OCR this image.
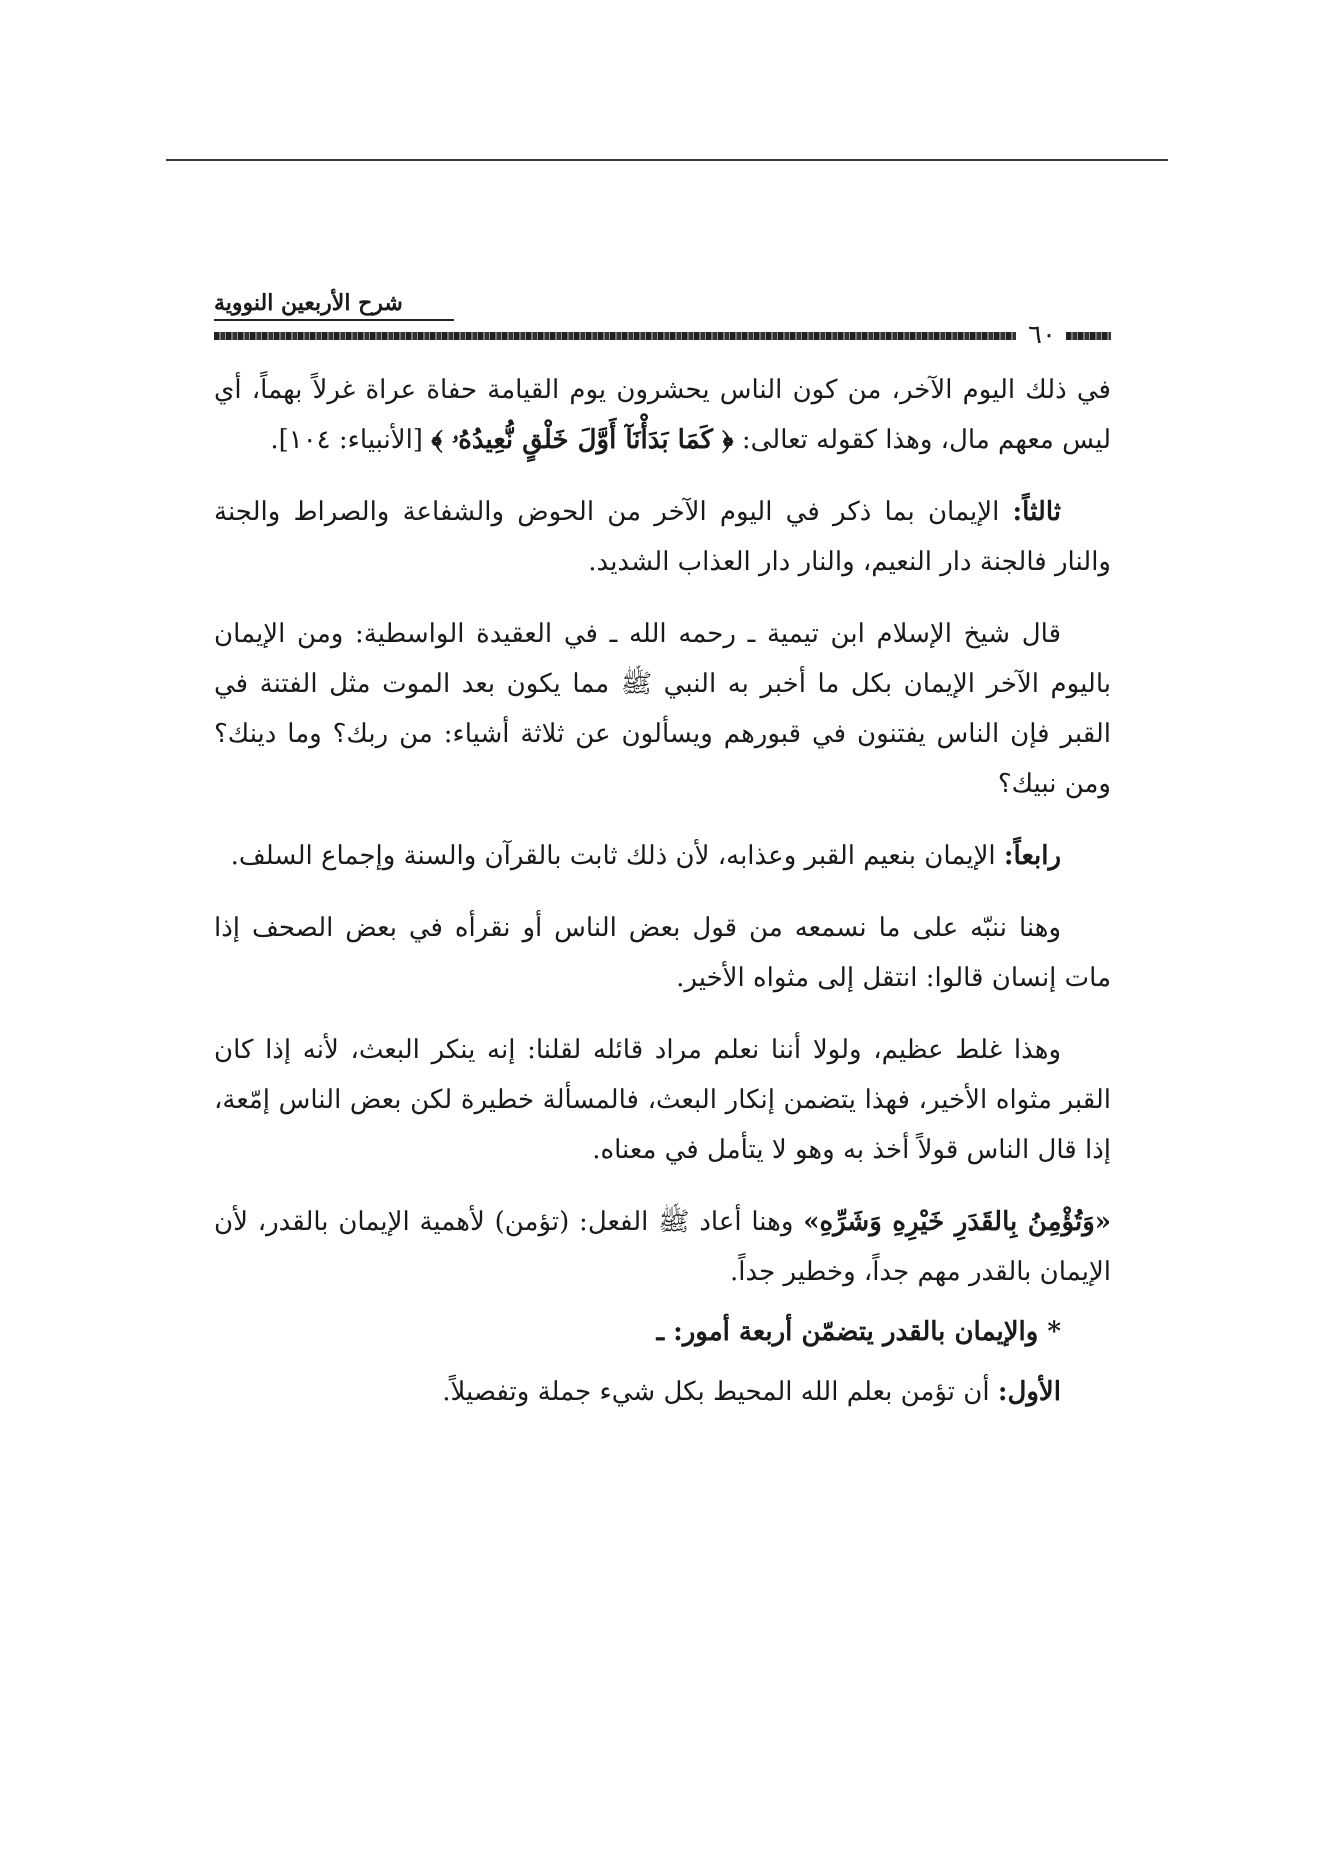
شرح الأربعين النووية
٦٠

في ذلك اليوم الآخر، من كون الناس يحشرون يوم القيامة حفاة عراة غرلاً بهماً، أي ليس معهم مال، وهذا كقوله تعالى: ﴿ كَمَا بَدَأْنَآ أَوَّلَ خَلْقٍ نُّعِيدُهُۥ ﴾ [الأنبياء: ١٠٤].

ثالثاً: الإيمان بما ذكر في اليوم الآخر من الحوض والشفاعة والصراط والجنة والنار فالجنة دار النعيم، والنار دار العذاب الشديد.

قال شيخ الإسلام ابن تيمية ـ رحمه الله ـ في العقيدة الواسطية: ومن الإيمان باليوم الآخر الإيمان بكل ما أخبر به النبي ﷺ مما يكون بعد الموت مثل الفتنة في القبر فإن الناس يفتنون في قبورهم ويسألون عن ثلاثة أشياء: من ربك؟ وما دينك؟ ومن نبيك؟

رابعاً: الإيمان بنعيم القبر وعذابه، لأن ذلك ثابت بالقرآن والسنة وإجماع السلف.

وهنا ننبّه على ما نسمعه من قول بعض الناس أو نقرأه في بعض الصحف إذا مات إنسان قالوا: انتقل إلى مثواه الأخير.

وهذا غلط عظيم، ولولا أننا نعلم مراد قائله لقلنا: إنه ينكر البعث، لأنه إذا كان القبر مثواه الأخير، فهذا يتضمن إنكار البعث، فالمسألة خطيرة لكن بعض الناس إمّعة، إذا قال الناس قولاً أخذ به وهو لا يتأمل في معناه.

«وَتُؤْمِنُ بِالقَدَرِ خَيْرِهِ وَشَرِّهِ» وهنا أعاد ﷺ الفعل: (تؤمن) لأهمية الإيمان بالقدر، لأن الإيمان بالقدر مهم جداً، وخطير جداً.

* والإيمان بالقدر يتضمّن أربعة أمور: ـ

الأول: أن تؤمن بعلم الله المحيط بكل شيء جملة وتفصيلاً.
